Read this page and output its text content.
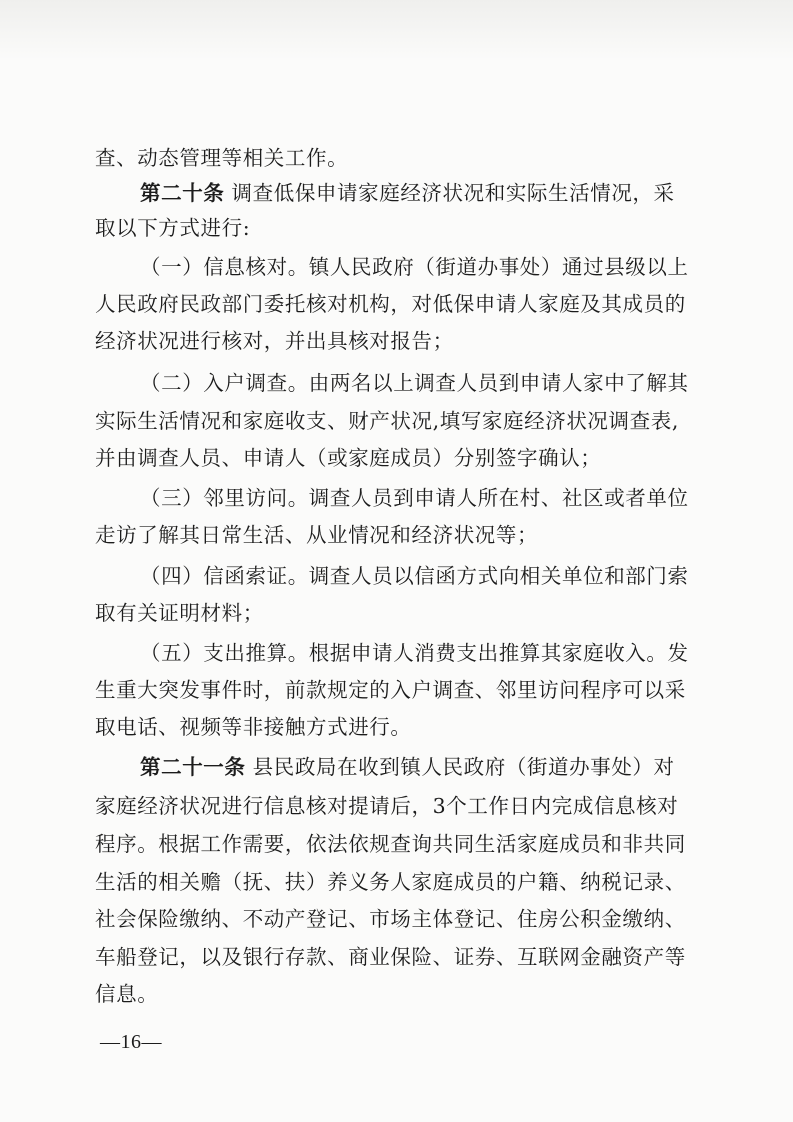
查、动态管理等相关工作。
第二十条 调查低保申请家庭经济状况和实际生活情况，采
取以下方式进行:
（一）信息核对。镇人民政府（街道办事处）通过县级以上
人民政府民政部门委托核对机构，对低保申请人家庭及其成员的
经济状况进行核对，并出具核对报告；
（二）入户调查。由两名以上调查人员到申请人家中了解其
实际生活情况和家庭收支、财产状况,填写家庭经济状况调查表,
并由调查人员、申请人（或家庭成员）分别签字确认；
（三）邻里访问。调查人员到申请人所在村、社区或者单位
走访了解其日常生活、从业情况和经济状况等；
（四）信函索证。调查人员以信函方式向相关单位和部门索
取有关证明材料；
（五）支出推算。根据申请人消费支出推算其家庭收入。发
生重大突发事件时，前款规定的入户调查、邻里访问程序可以采
取电话、视频等非接触方式进行。
第二十一条 县民政局在收到镇人民政府（街道办事处）对
家庭经济状况进行信息核对提请后，3个工作日内完成信息核对
程序。根据工作需要，依法依规查询共同生活家庭成员和非共同
生活的相关赡（抚、扶）养义务人家庭成员的户籍、纳税记录、
社会保险缴纳、不动产登记、市场主体登记、住房公积金缴纳、
车船登记，以及银行存款、商业保险、证券、互联网金融资产等
信息。
—16—
